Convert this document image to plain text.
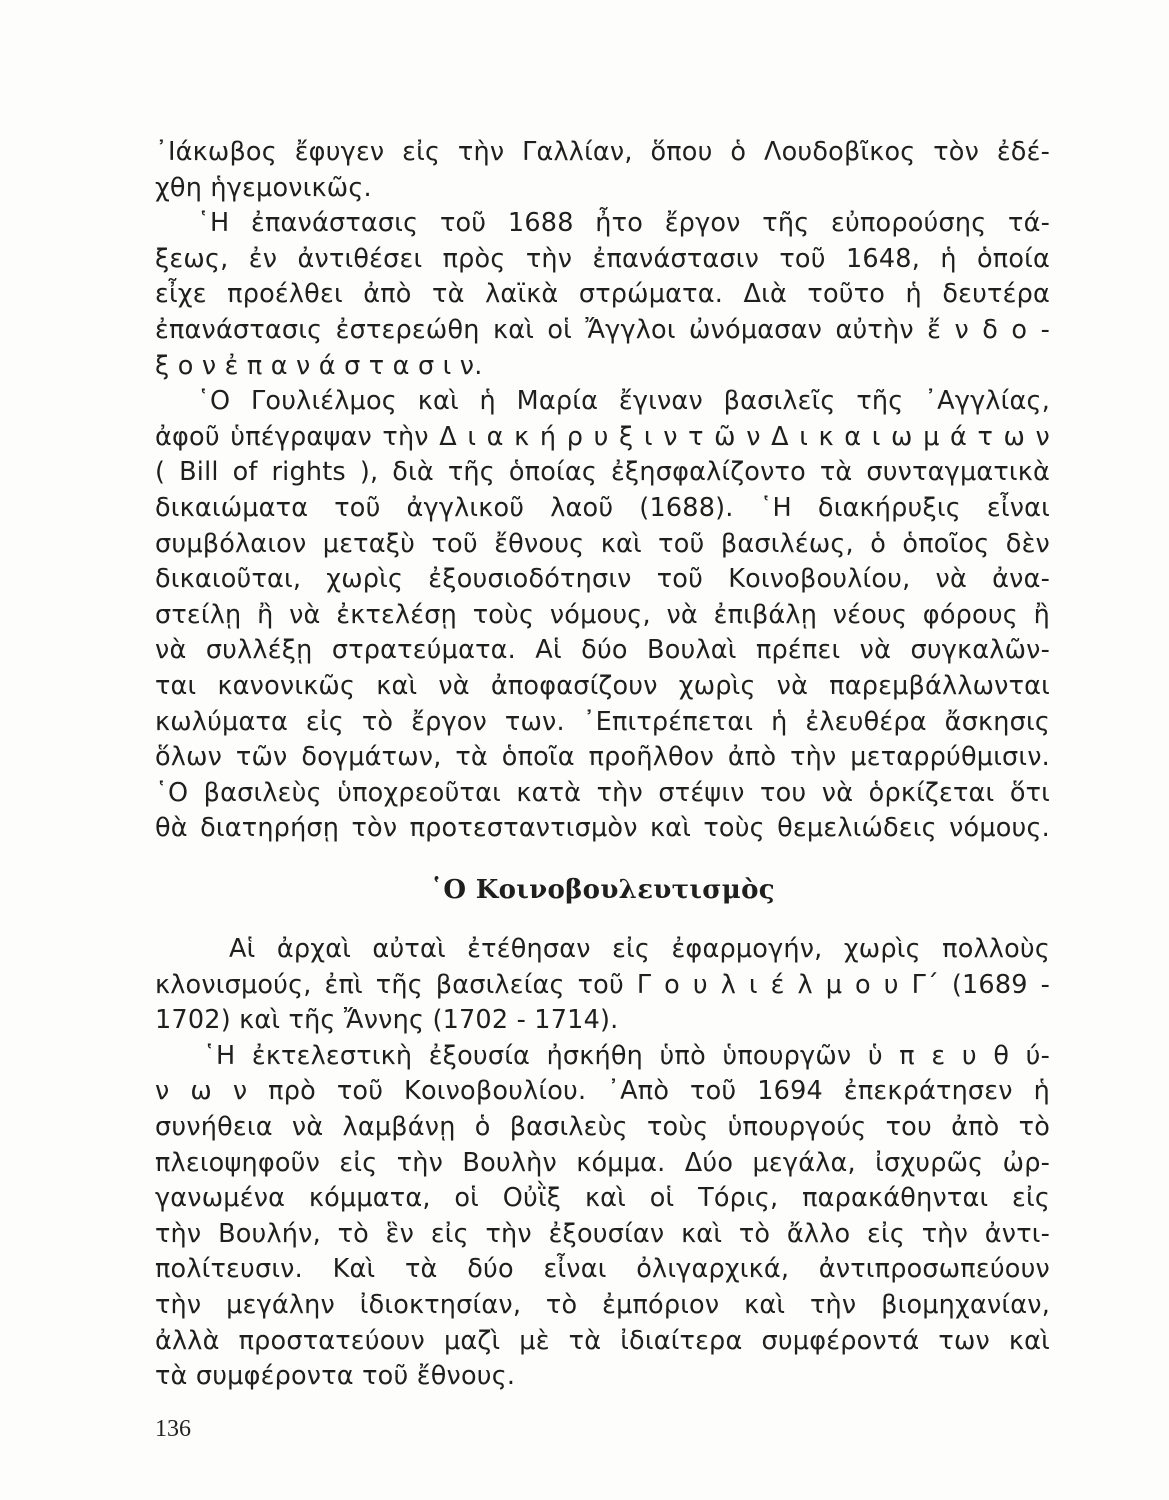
᾿Ιάκωβος ἔφυγεν εἰς τὴν Γαλλίαν, ὅπου ὁ Λουδοβῖκος τὸν ἐδέ-
χθη ἡγεμονικῶς.
῾Η ἐπανάστασις τοῦ 1688 ἦτο ἔργον τῆς εὐπορούσης τά-
ξεως, ἐν ἀντιθέσει πρὸς τὴν ἐπανάστασιν τοῦ 1648, ἡ ὁποία
εἶχε προέλθει ἀπὸ τὰ λαϊκὰ στρώματα. Διὰ τοῦτο ἡ δευτέρα
ἐπανάστασις ἐστερεώθη καὶ οἱ Ἄγγλοι ὠνόμασαν αὐτὴν ἔ ν δ ο -
ξ ο ν ἐ π α ν ά σ τ α σ ι ν.
῾Ο Γουλιέλμος καὶ ἡ Μαρία ἔγιναν βασιλεῖς τῆς ᾿Αγγλίας,
ἀφοῦ ὑπέγραψαν τὴν Δ ι α κ ή ρ υ ξ ι ν τ ῶ ν Δ ι κ α ι ω μ ά τ ω ν
( Bill of rights ), διὰ τῆς ὁποίας ἐξησφαλίζοντο τὰ συνταγματικὰ
δικαιώματα τοῦ ἀγγλικοῦ λαοῦ (1688). ῾Η διακήρυξις εἶναι
συμβόλαιον μεταξὺ τοῦ ἔθνους καὶ τοῦ βασιλέως, ὁ ὁποῖος δὲν
δικαιοῦται, χωρὶς ἐξουσιοδότησιν τοῦ Κοινοβουλίου, νὰ ἀνα-
στείλῃ ἢ νὰ ἐκτελέσῃ τοὺς νόμους, νὰ ἐπιβάλῃ νέους φόρους ἢ
νὰ συλλέξῃ στρατεύματα. Αἱ δύο Βουλαὶ πρέπει νὰ συγκαλῶν-
ται κανονικῶς καὶ νὰ ἀποφασίζουν χωρὶς νὰ παρεμβάλλωνται
κωλύματα εἰς τὸ ἔργον των. ᾿Επιτρέπεται ἡ ἐλευθέρα ἄσκησις
ὅλων τῶν δογμάτων, τὰ ὁποῖα προῆλθον ἀπὸ τὴν μεταρρύθμισιν.
῾Ο βασιλεὺς ὑποχρεοῦται κατὰ τὴν στέψιν του νὰ ὁρκίζεται ὅτι
θὰ διατηρήσῃ τὸν προτεσταντισμὸν καὶ τοὺς θεμελιώδεις νόμους.
῾Ο Κοινοβουλευτισμὸς
Αἱ ἀρχαὶ αὐταὶ ἐτέθησαν εἰς ἐφαρμογήν, χωρὶς πολλοὺς
κλονισμούς, ἐπὶ τῆς βασιλείας τοῦ Γ ο υ λ ι έ λ μ ο υ Γ΄ (1689 -
1702) καὶ τῆς Ἄννης (1702 - 1714).
῾Η ἐκτελεστικὴ ἐξουσία ἠσκήθη ὑπὸ ὑπουργῶν ὑ π ε υ θ ύ-
ν ω ν πρὸ τοῦ Κοινοβουλίου. ᾿Απὸ τοῦ 1694 ἐπεκράτησεν ἡ
συνήθεια νὰ λαμβάνῃ ὁ βασιλεὺς τοὺς ὑπουργούς του ἀπὸ τὸ
πλειοψηφοῦν εἰς τὴν Βουλὴν κόμμα. Δύο μεγάλα, ἰσχυρῶς ὠρ-
γανωμένα κόμματα, οἱ Οὐῒξ καὶ οἱ Τόρις, παρακάθηνται εἰς
τὴν Βουλήν, τὸ ἓν εἰς τὴν ἐξουσίαν καὶ τὸ ἄλλο εἰς τὴν ἀντι-
πολίτευσιν. Καὶ τὰ δύο εἶναι ὀλιγαρχικά, ἀντιπροσωπεύουν
τὴν μεγάλην ἰδιοκτησίαν, τὸ ἐμπόριον καὶ τὴν βιομηχανίαν,
ἀλλὰ προστατεύουν μαζὶ μὲ τὰ ἰδιαίτερα συμφέροντά των καὶ
τὰ συμφέροντα τοῦ ἔθνους.
136
